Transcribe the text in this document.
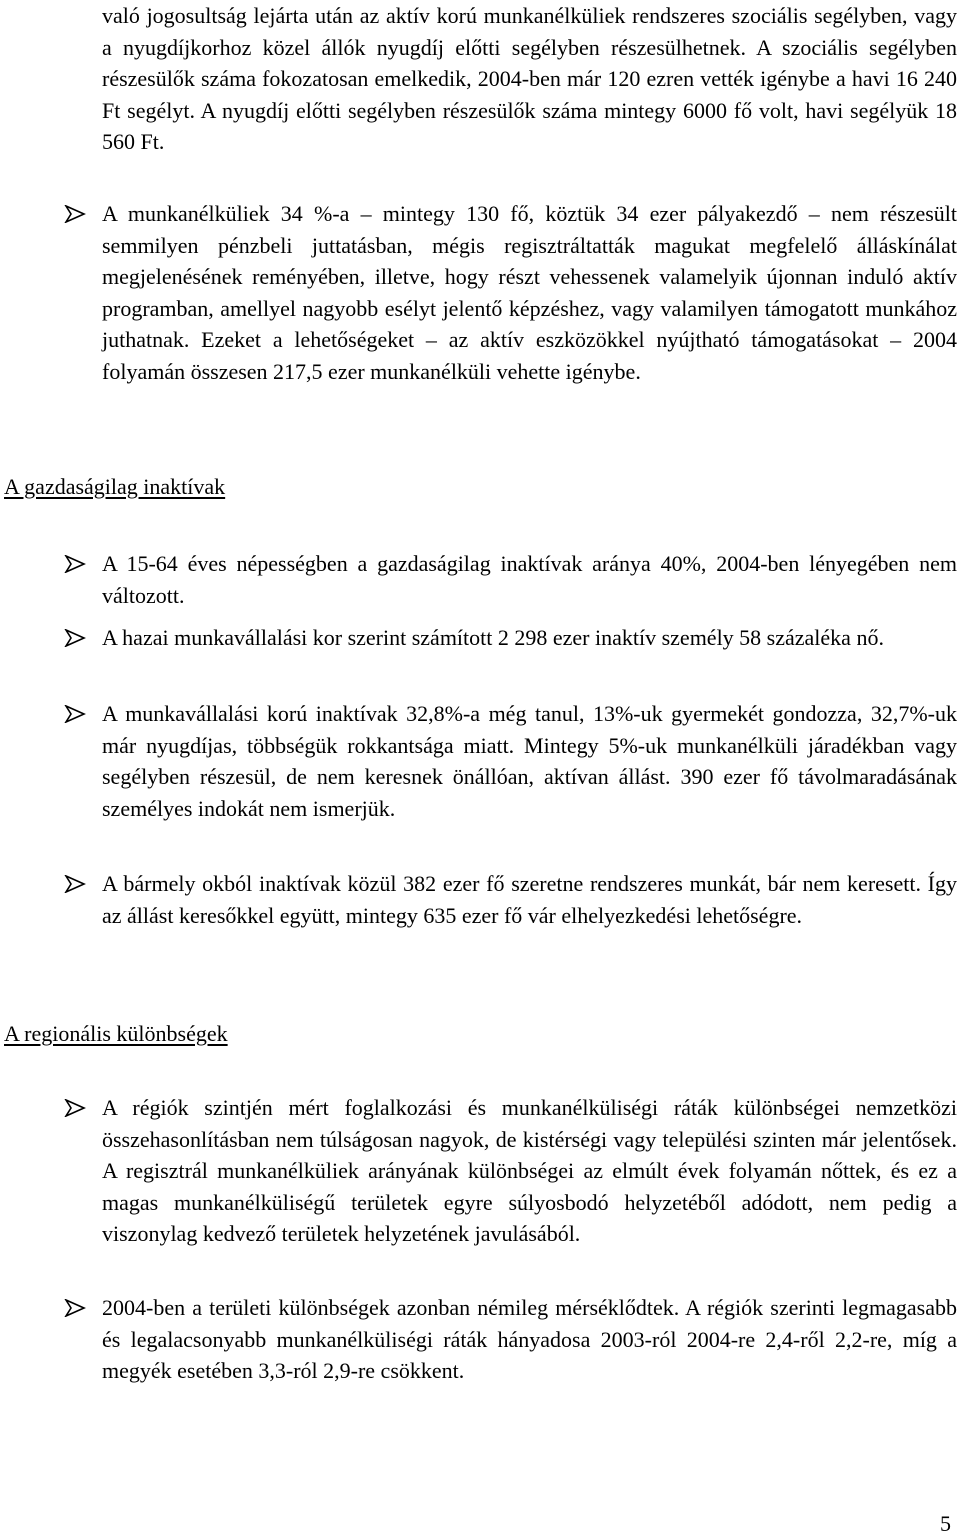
való jogosultság lejárta után az aktív korú munkanélküliek rendszeres szociális segélyben, vagy a nyugdíjkorhoz közel állók nyugdíj előtti segélyben részesülhetnek. A szociális segélyben részesülők száma fokozatosan emelkedik, 2004-ben már 120 ezren vették igénybe a havi 16 240 Ft segélyt. A nyugdíj előtti segélyben részesülők száma mintegy 6000 fő volt, havi segélyük 18 560 Ft.

A munkanélküliek 34 %-a – mintegy 130 fő, köztük 34 ezer pályakezdő – nem részesült semmilyen pénzbeli juttatásban, mégis regisztráltatták magukat megfelelő álláskínálat megjelenésének reményében, illetve, hogy részt vehessenek valamelyik újonnan induló aktív programban, amellyel nagyobb esélyt jelentő képzéshez, vagy valamilyen támogatott munkához juthatnak. Ezeket a lehetőségeket – az aktív eszközökkel nyújtható támogatásokat – 2004 folyamán összesen 217,5 ezer munkanélküli vehette igénybe.

A gazdaságilag inaktívak

A 15-64 éves népességben a gazdaságilag inaktívak aránya 40%, 2004-ben lényegében nem változott.

A hazai munkavállalási kor szerint számított 2 298 ezer inaktív személy 58 százaléka nő.

A munkavállalási korú inaktívak 32,8%-a még tanul, 13%-uk gyermekét gondozza, 32,7%-uk már nyugdíjas, többségük rokkantsága miatt. Mintegy 5%-uk munkanélküli járadékban vagy segélyben részesül, de nem keresnek önállóan, aktívan állást. 390 ezer fő távolmaradásának személyes indokát nem ismerjük.

A bármely okból inaktívak közül 382 ezer fő szeretne rendszeres munkát, bár nem keresett. Így az állást keresőkkel együtt, mintegy 635 ezer fő vár elhelyezkedési lehetőségre.

A regionális különbségek

A régiók szintjén mért foglalkozási és munkanélküliségi ráták különbségei nemzetközi összehasonlításban nem túlságosan nagyok, de kistérségi vagy települési szinten már jelentősek. A regisztrál munkanélküliek arányának különbségei az elmúlt évek folyamán nőttek, és ez a magas munkanélküliségű területek egyre súlyosbodó helyzetéből adódott, nem pedig a viszonylag kedvező területek helyzetének javulásából.

2004-ben a területi különbségek azonban némileg mérséklődtek. A régiók szerinti legmagasabb és legalacsonyabb munkanélküliségi ráták hányadosa 2003-ról 2004-re 2,4-ről 2,2-re, míg a megyék esetében 3,3-ról 2,9-re csökkent.

5
